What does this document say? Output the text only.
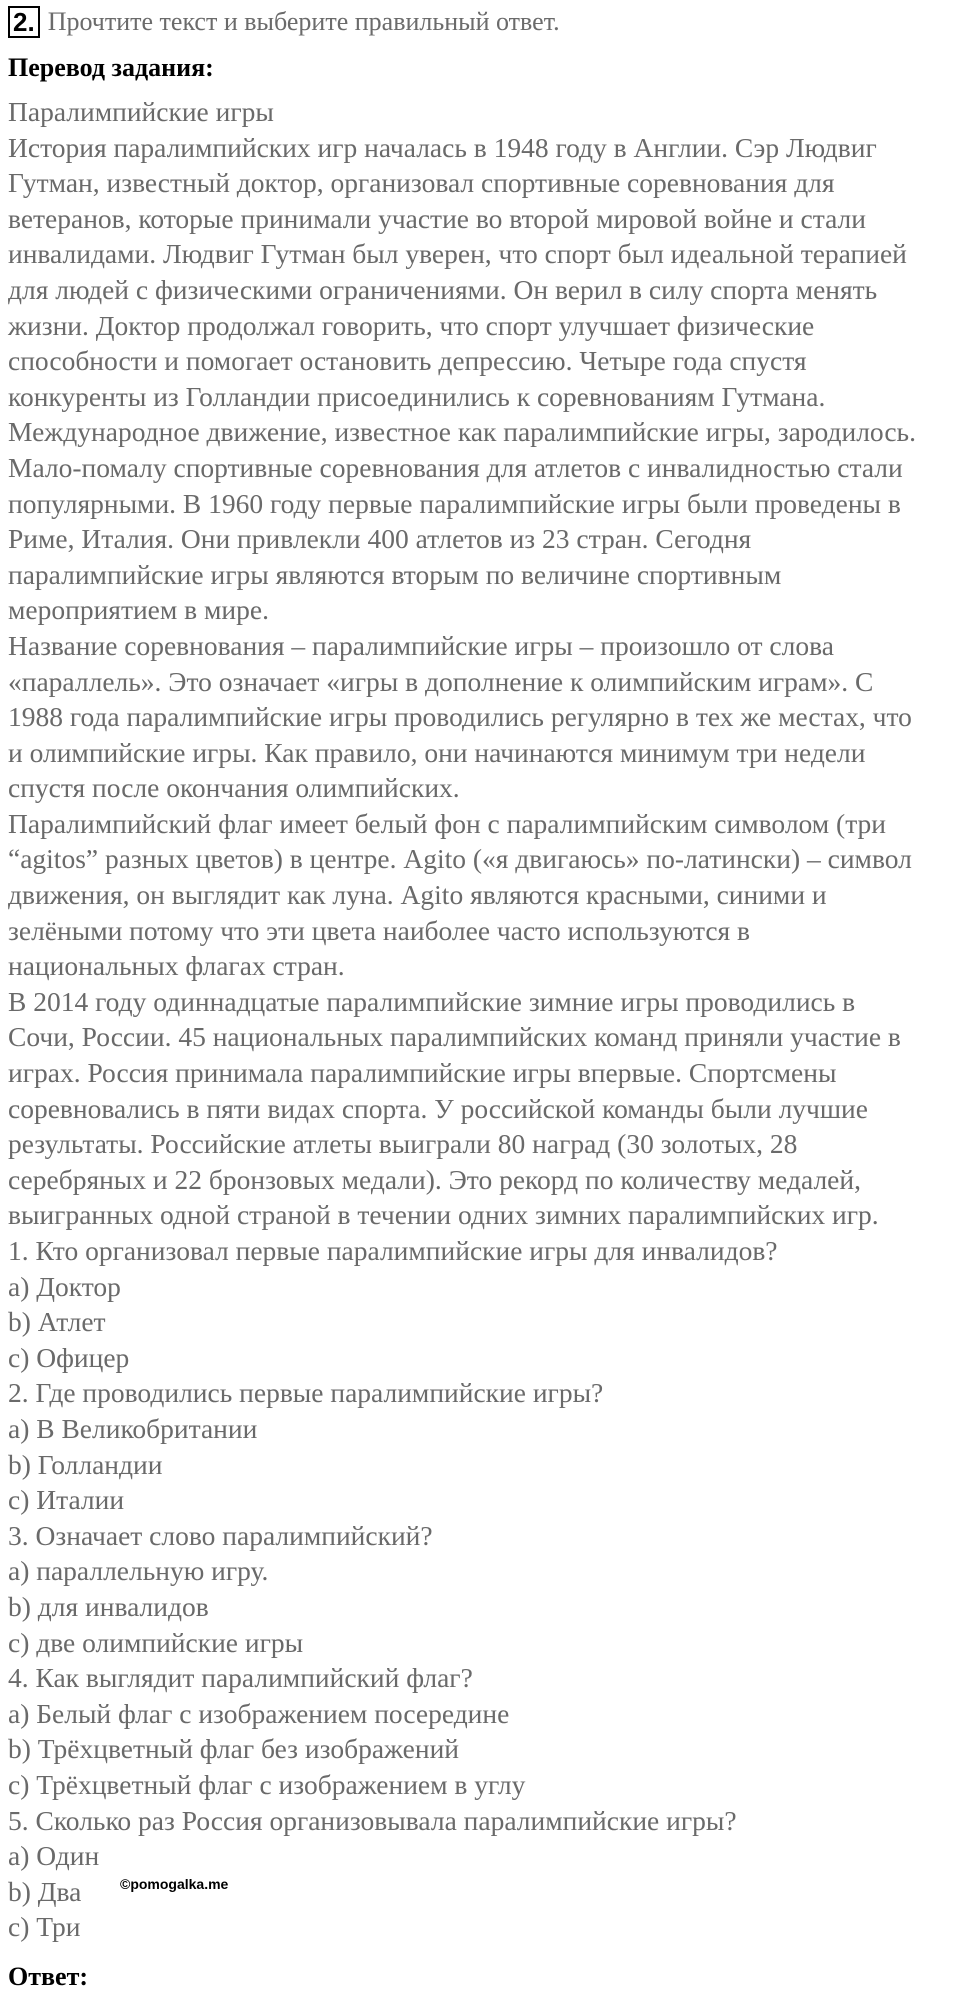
2. Прочтите текст и выберите правильный ответ.
Перевод задания:
Паралимпийские игры
История паралимпийских игр началась в 1948 году в Англии. Сэр Людвиг
Гутман, известный доктор, организовал спортивные соревнования для
ветеранов, которые принимали участие во второй мировой войне и стали
инвалидами. Людвиг Гутман был уверен, что спорт был идеальной терапией
для людей с физическими ограничениями. Он верил в силу спорта менять
жизни. Доктор продолжал говорить, что спорт улучшает физические
способности и помогает остановить депрессию. Четыре года спустя
конкуренты из Голландии присоединились к соревнованиям Гутмана.
Международное движение, известное как паралимпийские игры, зародилось.
Мало-помалу спортивные соревнования для атлетов с инвалидностью стали
популярными. В 1960 году первые паралимпийские игры были проведены в
Риме, Италия. Они привлекли 400 атлетов из 23 стран. Сегодня
паралимпийские игры являются вторым по величине спортивным
мероприятием в мире.
Название соревнования – паралимпийские игры – произошло от слова
«параллель». Это означает «игры в дополнение к олимпийским играм». С
1988 года паралимпийские игры проводились регулярно в тех же местах, что
и олимпийские игры. Как правило, они начинаются минимум три недели
спустя после окончания олимпийских.
Паралимпийский флаг имеет белый фон с паралимпийским символом (три
“agitos” разных цветов) в центре. Agito («я двигаюсь» по-латински) – символ
движения, он выглядит как луна. Agito являются красными, синими и
зелёными потому что эти цвета наиболее часто используются в
национальных флагах стран.
В 2014 году одиннадцатые паралимпийские зимние игры проводились в
Сочи, России. 45 национальных паралимпийских команд приняли участие в
играх. Россия принимала паралимпийские игры впервые. Спортсмены
соревновались в пяти видах спорта. У российской команды были лучшие
результаты. Российские атлеты выиграли 80 наград (30 золотых, 28
серебряных и 22 бронзовых медали). Это рекорд по количеству медалей,
выигранных одной страной в течении одних зимних паралимпийских игр.
1. Кто организовал первые паралимпийские игры для инвалидов?
a) Доктор
b) Атлет
c) Офицер
2. Где проводились первые паралимпийские игры?
a) В Великобритании
b) Голландии
c) Италии
3. Означает слово паралимпийский?
a) параллельную игру.
b) для инвалидов
c) две олимпийские игры
4. Как выглядит паралимпийский флаг?
a) Белый флаг с изображением посередине
b) Трёхцветный флаг без изображений
c) Трёхцветный флаг с изображением в углу
5. Сколько раз Россия организовывала паралимпийские игры?
a) Один
b) Два
c) Три
©pomogalka.me
Ответ:
